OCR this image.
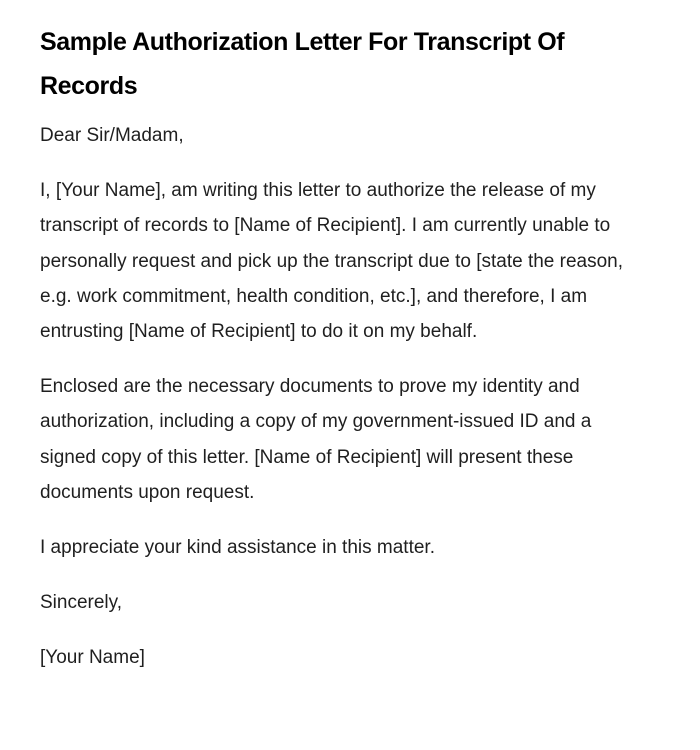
Sample Authorization Letter For Transcript Of Records

Dear Sir/Madam,

I, [Your Name], am writing this letter to authorize the release of my transcript of records to [Name of Recipient]. I am currently unable to personally request and pick up the transcript due to [state the reason, e.g. work commitment, health condition, etc.], and therefore, I am entrusting [Name of Recipient] to do it on my behalf.

Enclosed are the necessary documents to prove my identity and authorization, including a copy of my government-issued ID and a signed copy of this letter. [Name of Recipient] will present these documents upon request.

I appreciate your kind assistance in this matter.

Sincerely,

[Your Name]
